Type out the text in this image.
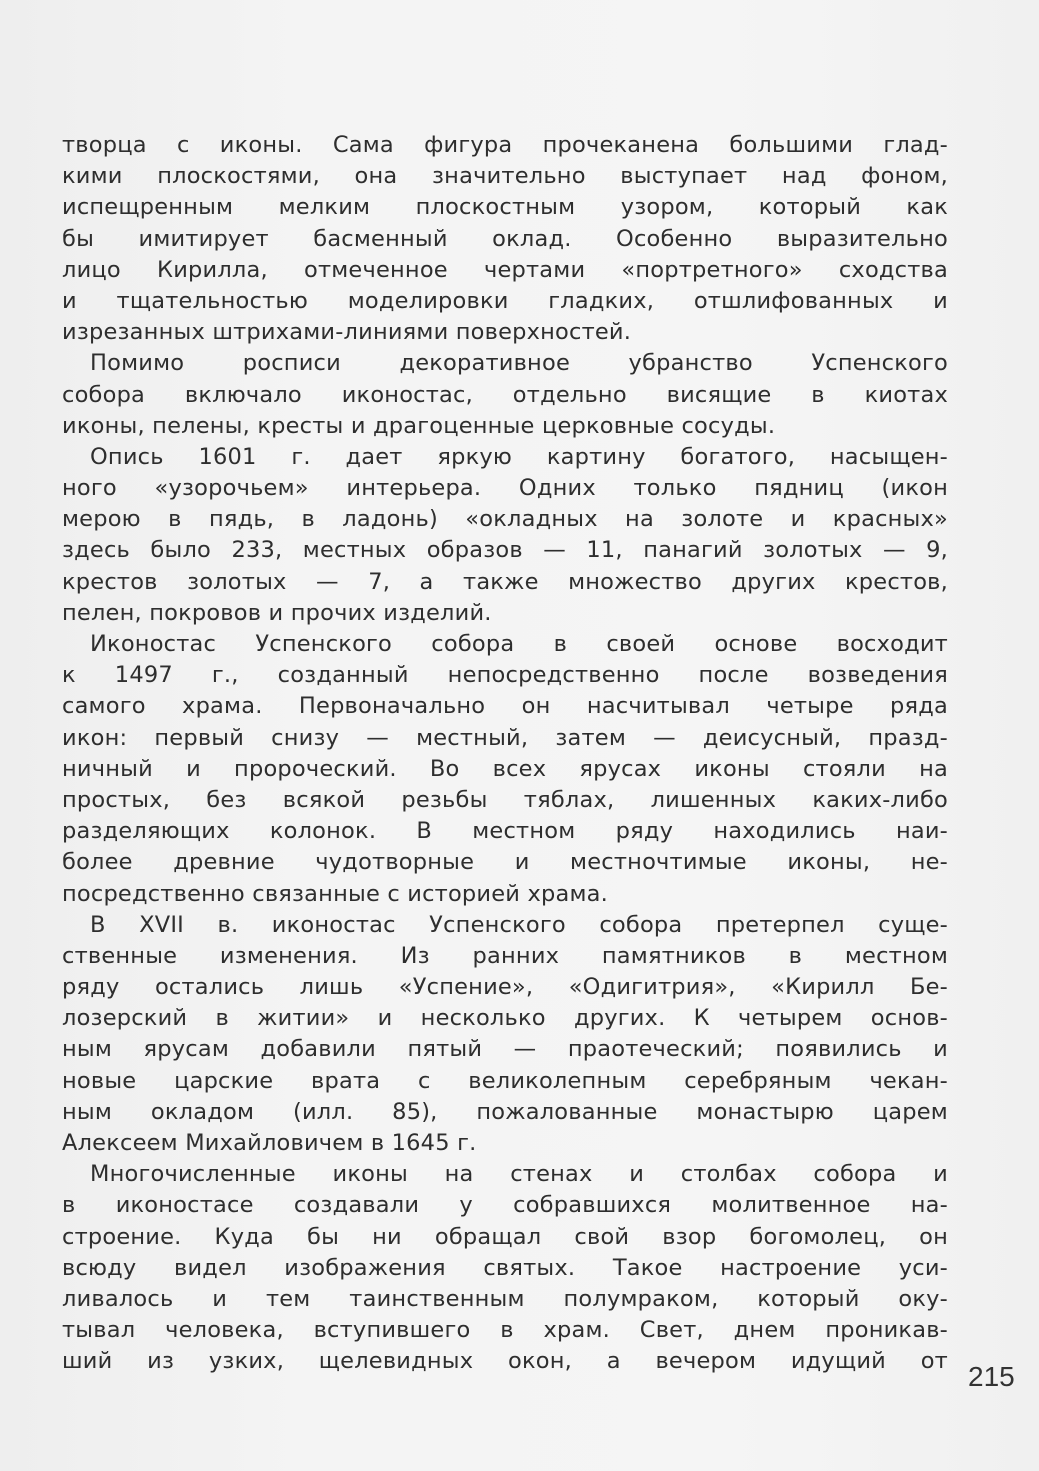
творца с иконы. Сама фигура прочеканена большими глад-
кими плоскостями, она значительно выступает над фоном,
испещренным мелким плоскостным узором, который как
бы имитирует басменный оклад. Особенно выразительно
лицо Кирилла, отмеченное чертами «портретного» сходства
и тщательностью моделировки гладких, отшлифованных и
изрезанных штрихами-линиями поверхностей.
Помимо росписи декоративное убранство Успенского
собора включало иконостас, отдельно висящие в киотах
иконы, пелены, кресты и драгоценные церковные сосуды.
Опись 1601 г. дает яркую картину богатого, насыщен-
ного «узорочьем» интерьера. Одних только пядниц (икон
мерою в пядь, в ладонь) «окладных на золоте и красных»
здесь было 233, местных образов — 11, панагий золотых — 9,
крестов золотых — 7, а также множество других крестов,
пелен, покровов и прочих изделий.
Иконостас Успенского собора в своей основе восходит
к 1497 г., созданный непосредственно после возведения
самого храма. Первоначально он насчитывал четыре ряда
икон: первый снизу — местный, затем — деисусный, празд-
ничный и пророческий. Во всех ярусах иконы стояли на
простых, без всякой резьбы тяблах, лишенных каких-либо
разделяющих колонок. В местном ряду находились наи-
более древние чудотворные и местночтимые иконы, не-
посредственно связанные с историей храма.
В XVII в. иконостас Успенского собора претерпел суще-
ственные изменения. Из ранних памятников в местном
ряду остались лишь «Успение», «Одигитрия», «Кирилл Бе-
лозерский в житии» и несколько других. К четырем основ-
ным ярусам добавили пятый — праотеческий; появились и
новые царские врата с великолепным серебряным чекан-
ным окладом (илл. 85), пожалованные монастырю царем
Алексеем Михайловичем в 1645 г.
Многочисленные иконы на стенах и столбах собора и
в иконостасе создавали у собравшихся молитвенное на-
строение. Куда бы ни обращал свой взор богомолец, он
всюду видел изображения святых. Такое настроение уси-
ливалось и тем таинственным полумраком, который оку-
тывал человека, вступившего в храм. Свет, днем проникав-
ший из узких, щелевидных окон, а вечером идущий от 215
